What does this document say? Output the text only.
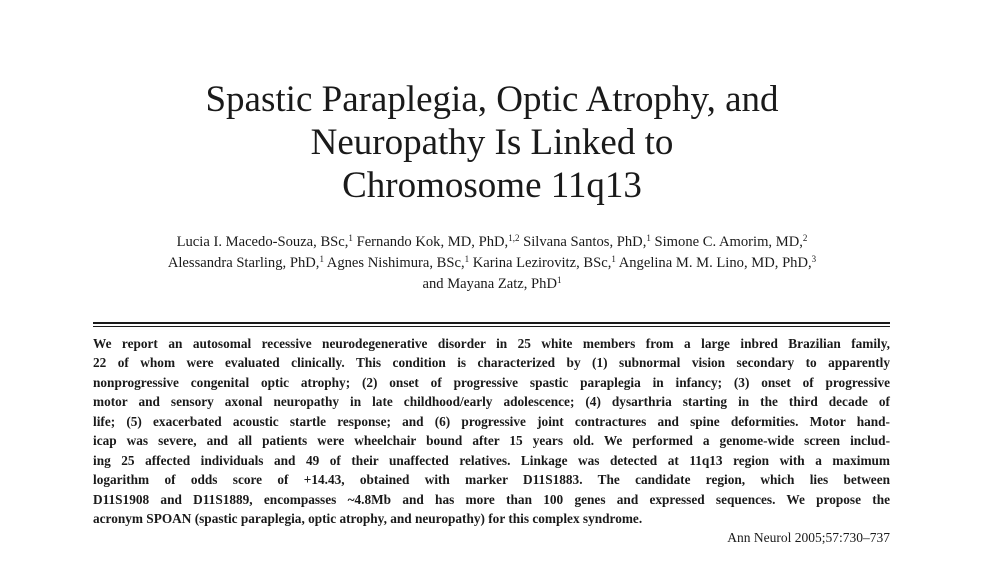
Spastic Paraplegia, Optic Atrophy, and
Neuropathy Is Linked to
Chromosome 11q13
Lucia I. Macedo-Souza, BSc,$^1$ Fernando Kok, MD, PhD,$^{1,2}$ Silvana Santos, PhD,$^1$ Simone C. Amorim, MD,$^2$
Alessandra Starling, PhD,$^1$ Agnes Nishimura, BSc,$^1$ Karina Lezirovitz, BSc,$^1$ Angelina M. M. Lino, MD, PhD,$^3$
and Mayana Zatz, PhD$^1$
We report an autosomal recessive neurodegenerative disorder in 25 white members from a large inbred Brazilian family,
22 of whom were evaluated clinically. This condition is characterized by (1) subnormal vision secondary to apparently
nonprogressive congenital optic atrophy; (2) onset of progressive spastic paraplegia in infancy; (3) onset of progressive
motor and sensory axonal neuropathy in late childhood/early adolescence; (4) dysarthria starting in the third decade of
life; (5) exacerbated acoustic startle response; and (6) progressive joint contractures and spine deformities. Motor hand-
icap was severe, and all patients were wheelchair bound after 15 years old. We performed a genome-wide screen includ-
ing 25 affected individuals and 49 of their unaffected relatives. Linkage was detected at 11q13 region with a maximum
logarithm of odds score of +14.43, obtained with marker D11S1883. The candidate region, which lies between
D11S1908 and D11S1889, encompasses ~4.8Mb and has more than 100 genes and expressed sequences. We propose the
acronym SPOAN (spastic paraplegia, optic atrophy, and neuropathy) for this complex syndrome.
Ann Neurol 2005;57:730–737
